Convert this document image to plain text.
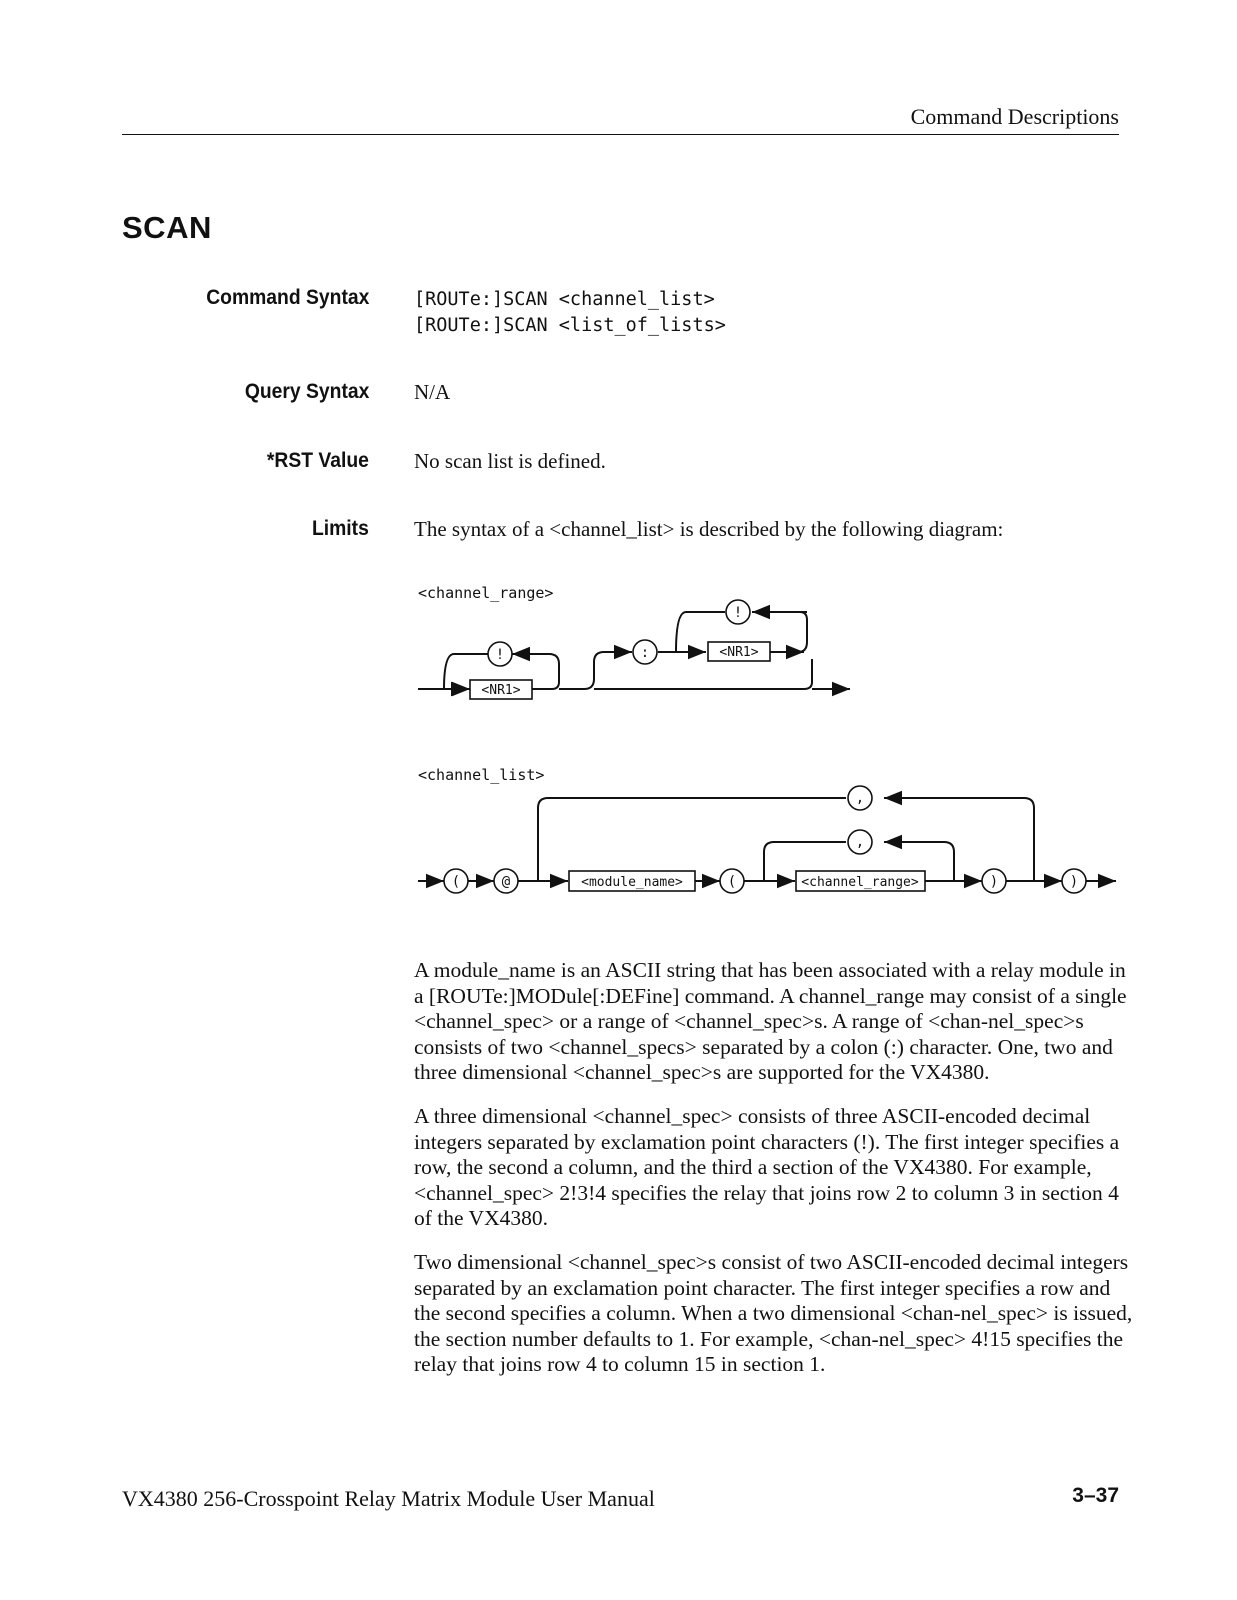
Command Descriptions
SCAN
Command Syntax [ROUTe:]SCAN <channel_list>
[ROUTe:]SCAN <list_of_lists>
Query Syntax N/A
*RST Value No scan list is defined.
Limits The syntax of a <channel_list> is described by the following diagram:
<channel_range>
!
<NR1>
:
!
<NR1>
<channel_list>
(	@	<module_name>	(	<channel_range>
,
,
)	)

A module_name is an ASCII string that has been associated with a relay module in a [ROUTe:]MODule[:DEFine] command. A channel_range may consist of a single <channel_spec> or a range of <channel_spec>s. A range of <chan-nel_spec>s consists of two <channel_specs> separated by a colon (:) character. One, two and three dimensional <channel_spec>s are supported for the VX4380.

A three dimensional <channel_spec> consists of three ASCII-encoded decimal integers separated by exclamation point characters (!). The first integer specifies a row, the second a column, and the third a section of the VX4380. For example, <channel_spec> 2!3!4 specifies the relay that joins row 2 to column 3 in section 4 of the VX4380.

Two dimensional <channel_spec>s consist of two ASCII-encoded decimal integers separated by an exclamation point character. The first integer specifies a row and the second specifies a column. When a two dimensional <chan-nel_spec> is issued, the section number defaults to 1. For example, <chan-nel_spec> 4!15 specifies the relay that joins row 4 to column 15 in section 1.

VX4380 256-Crosspoint Relay Matrix Module User Manual	3–37
